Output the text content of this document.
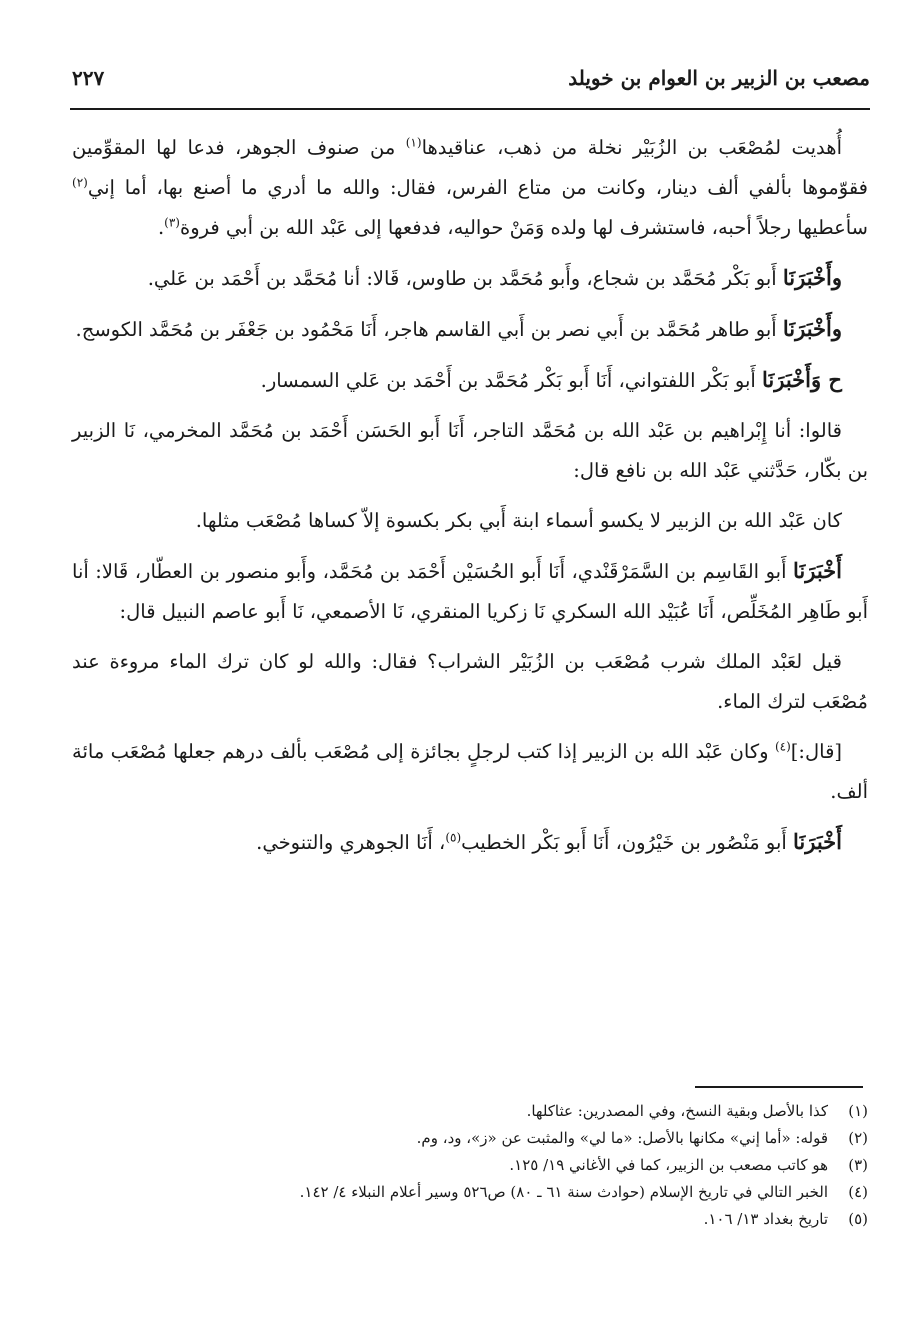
مصعب بن الزبير بن العوام بن خويلد
٢٢٧

أُهديت لمُصْعَب بن الزُبَيْر نخلة من ذهب، عناقيدها$^{(١)}$ من صنوف الجوهر، فدعا لها المقوِّمين فقوّموها بألفي ألف دينار، وكانت من متاع الفرس، فقال: والله ما أدري ما أصنع بها، أما إني$^{(٢)}$ سأعطيها رجلاً أحبه، فاستشرف لها ولده وَمَنْ حواليه، فدفعها إلى عَبْد الله بن أبي فروة$^{(٣)}$.

وأَخْبَرَنَا أَبو بَكْر مُحَمَّد بن شجاع، وأَبو مُحَمَّد بن طاوس، قَالا: أنا مُحَمَّد بن أَحْمَد بن عَلي.

وأَخْبَرَنَا أَبو طاهر مُحَمَّد بن أَبي نصر بن أَبي القاسم هاجر، أَنَا مَحْمُود بن جَعْفَر بن مُحَمَّد الكوسج.

ح وَأَخْبَرَنَا أَبو بَكْر اللفتواني، أَنَا أَبو بَكْر مُحَمَّد بن أَحْمَد بن عَلي السمسار.

قالوا: أنا إِبْراهيم بن عَبْد الله بن مُحَمَّد التاجر، أَنَا أَبو الحَسَن أَحْمَد بن مُحَمَّد المخرمي، نَا الزبير بن بكّار، حَدَّثني عَبْد الله بن نافع قال:

كان عَبْد الله بن الزبير لا يكسو أسماء ابنة أَبي بكر بكسوة إلاّ كساها مُصْعَب مثلها.

أَخْبَرَنَا أَبو القَاسِم بن السَّمَرْقَنْدي، أَنَا أَبو الحُسَيْن أَحْمَد بن مُحَمَّد، وأَبو منصور بن العطّار، قَالا: أنا أَبو طَاهِر المُخَلِّص، أَنَا عُبَيْد الله السكري نَا زكريا المنقري، نَا الأصمعي، نَا أَبو عاصم النبيل قال:

قيل لعَبْد الملك شرب مُصْعَب بن الزُبَيْر الشراب؟ فقال: والله لو كان ترك الماء مروءة عند مُصْعَب لترك الماء.

[قال:]$^{(٤)}$ وكان عَبْد الله بن الزبير إذا كتب لرجلٍ بجائزة إلى مُصْعَب بألف درهم جعلها مُصْعَب مائة ألف.

أَخْبَرَنَا أَبو مَنْصُور بن خَيْرُون، أَنَا أَبو بَكْر الخطيب$^{(٥)}$، أَنَا الجوهري والتنوخي.

(١)كذا بالأصل وبقية النسخ، وفي المصدرين: عثاكلها.
(٢)قوله: «أما إني» مكانها بالأصل: «ما لي» والمثبت عن «ز»، ود، وم.
(٣)هو كاتب مصعب بن الزبير، كما في الأغاني ١٩/ ١٢٥.
(٤)الخبر التالي في تاريخ الإسلام (حوادث سنة ٦١ ـ ٨٠) ص٥٢٦ وسير أعلام النبلاء ٤/ ١٤٢.
(٥)تاريخ بغداد ١٣/ ١٠٦.
